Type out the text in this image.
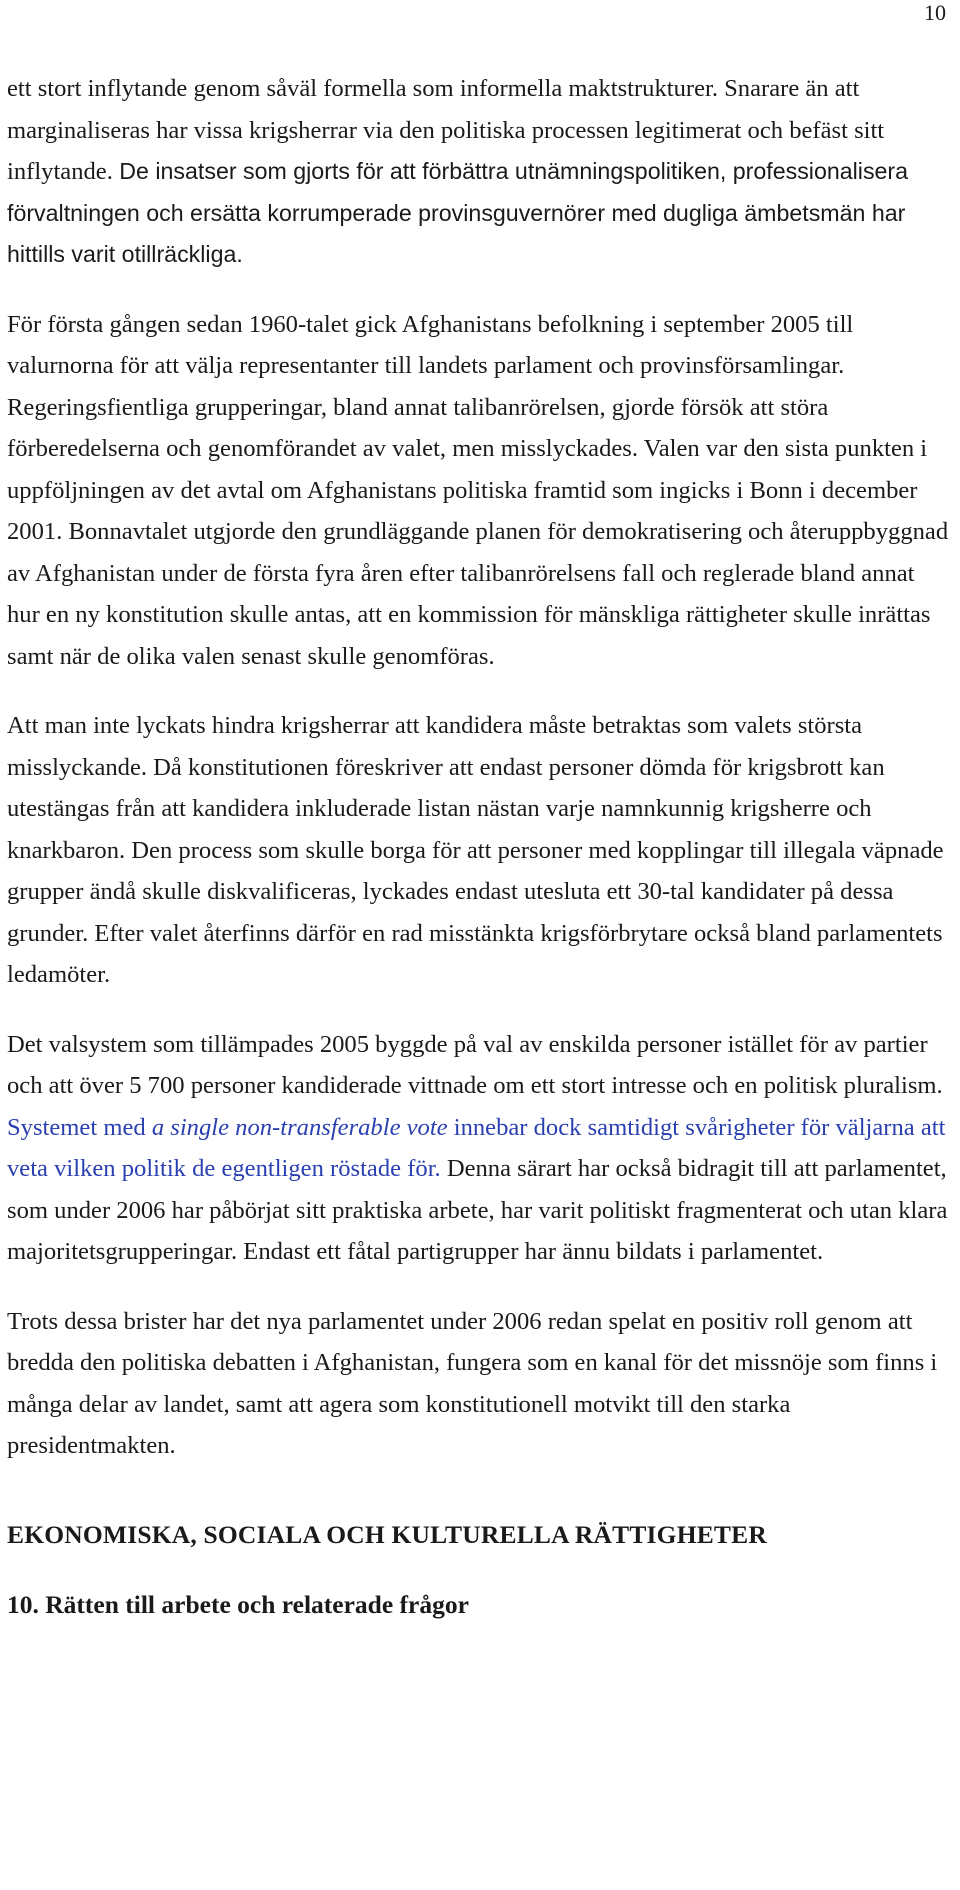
10

ett stort inflytande genom såväl formella som informella maktstrukturer. Snarare än att marginaliseras har vissa krigsherrar via den politiska processen legitimerat och befäst sitt inflytande. De insatser som gjorts för att förbättra utnämningspolitiken, professionalisera förvaltningen och ersätta korrumperade provinsguvernörer med dugliga ämbetsmän har hittills varit otillräckliga.

För första gången sedan 1960-talet gick Afghanistans befolkning i september 2005 till valurnorna för att välja representanter till landets parlament och provinsförsamlingar. Regeringsfientliga grupperingar, bland annat talibanrörelsen, gjorde försök att störa förberedelserna och genomförandet av valet, men misslyckades. Valen var den sista punkten i uppföljningen av det avtal om Afghanistans politiska framtid som ingicks i Bonn i december 2001. Bonnavtalet utgjorde den grundläggande planen för demokratisering och återuppbyggnad av Afghanistan under de första fyra åren efter talibanrörelsens fall och reglerade bland annat hur en ny konstitution skulle antas, att en kommission för mänskliga rättigheter skulle inrättas samt när de olika valen senast skulle genomföras.

Att man inte lyckats hindra krigsherrar att kandidera måste betraktas som valets största misslyckande. Då konstitutionen föreskriver att endast personer dömda för krigsbrott kan utestängas från att kandidera inkluderade listan nästan varje namnkunnig krigsherre och knarkbaron. Den process som skulle borga för att personer med kopplingar till illegala väpnade grupper ändå skulle diskvalificeras, lyckades endast utesluta ett 30-tal kandidater på dessa grunder. Efter valet återfinns därför en rad misstänkta krigsförbrytare också bland parlamentets ledamöter.

Det valsystem som tillämpades 2005 byggde på val av enskilda personer istället för av partier och att över 5 700 personer kandiderade vittnade om ett stort intresse och en politisk pluralism. Systemet med a single non-transferable vote innebar dock samtidigt svårigheter för väljarna att veta vilken politik de egentligen röstade för. Denna särart har också bidragit till att parlamentet, som under 2006 har påbörjat sitt praktiska arbete, har varit politiskt fragmenterat och utan klara majoritetsgrupperingar. Endast ett fåtal partigrupper har ännu bildats i parlamentet.

Trots dessa brister har det nya parlamentet under 2006 redan spelat en positiv roll genom att bredda den politiska debatten i Afghanistan, fungera som en kanal för det missnöje som finns i många delar av landet, samt att agera som konstitutionell motvikt till den starka presidentmakten.

EKONOMISKA, SOCIALA OCH KULTURELLA RÄTTIGHETER
10. Rätten till arbete och relaterade frågor
